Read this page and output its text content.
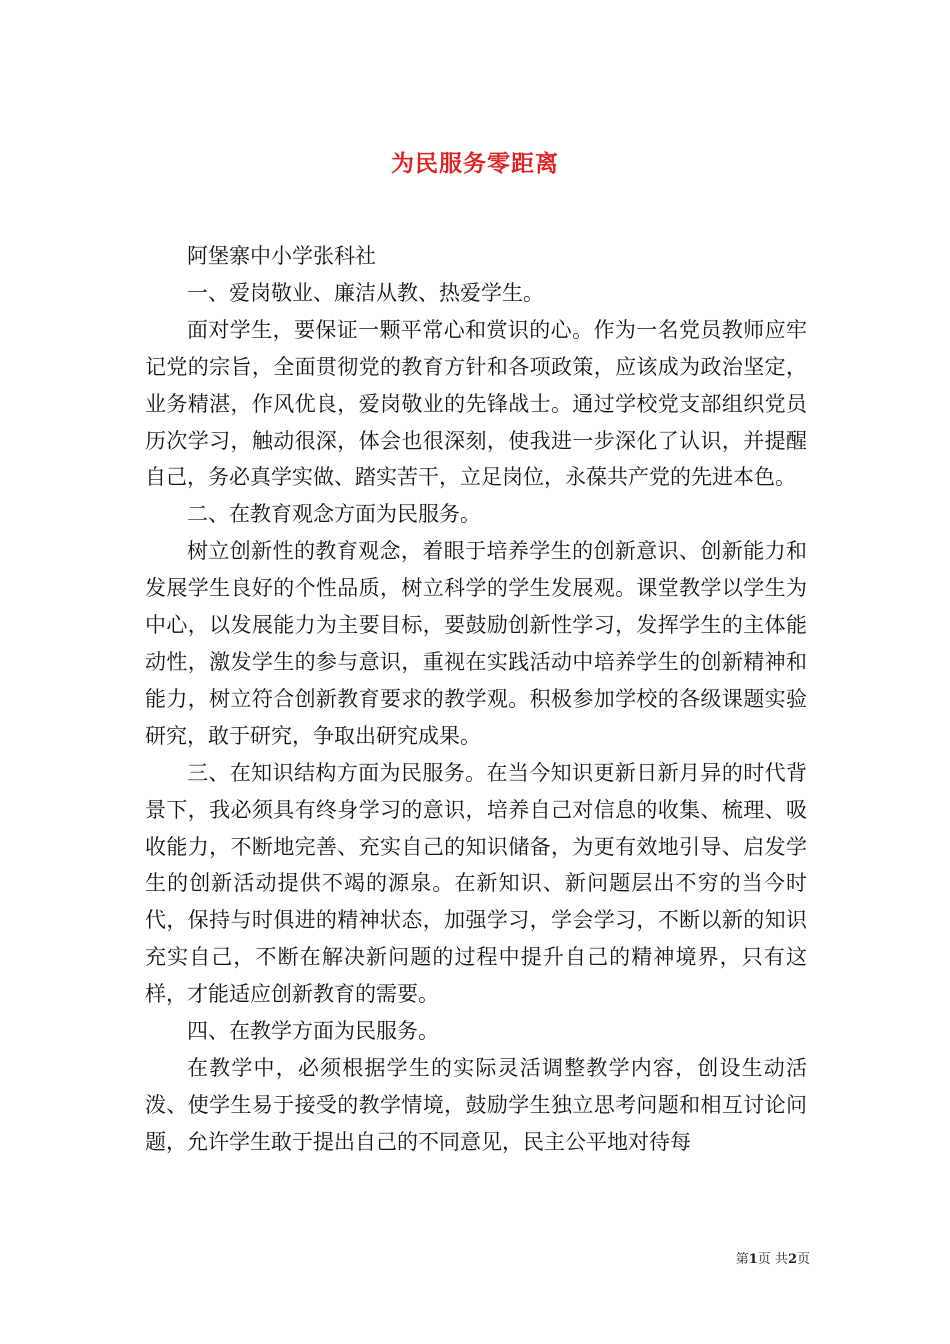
为民服务零距离

阿堡寨中小学张科社

一、爱岗敬业、廉洁从教、热爱学生。

面对学生，要保证一颗平常心和赏识的心。作为一名党员教师应牢记党的宗旨，全面贯彻党的教育方针和各项政策，应该成为政治坚定，业务精湛，作风优良，爱岗敬业的先锋战士。通过学校党支部组织党员历次学习，触动很深，体会也很深刻，使我进一步深化了认识，并提醒自己，务必真学实做、踏实苦干，立足岗位，永葆共产党的先进本色。

二、在教育观念方面为民服务。

树立创新性的教育观念，着眼于培养学生的创新意识、创新能力和发展学生良好的个性品质，树立科学的学生发展观。课堂教学以学生为中心，以发展能力为主要目标，要鼓励创新性学习，发挥学生的主体能动性，激发学生的参与意识，重视在实践活动中培养学生的创新精神和能力，树立符合创新教育要求的教学观。积极参加学校的各级课题实验研究，敢于研究，争取出研究成果。

三、在知识结构方面为民服务。在当今知识更新日新月异的时代背景下，我必须具有终身学习的意识，培养自己对信息的收集、梳理、吸收能力，不断地完善、充实自己的知识储备，为更有效地引导、启发学生的创新活动提供不竭的源泉。在新知识、新问题层出不穷的当今时代，保持与时俱进的精神状态，加强学习，学会学习，不断以新的知识充实自己，不断在解决新问题的过程中提升自己的精神境界，只有这样，才能适应创新教育的需要。

四、在教学方面为民服务。

在教学中，必须根据学生的实际灵活调整教学内容，创设生动活泼、使学生易于接受的教学情境，鼓励学生独立思考问题和相互讨论问题，允许学生敢于提出自己的不同意见，民主公平地对待每

第1页 共2页
